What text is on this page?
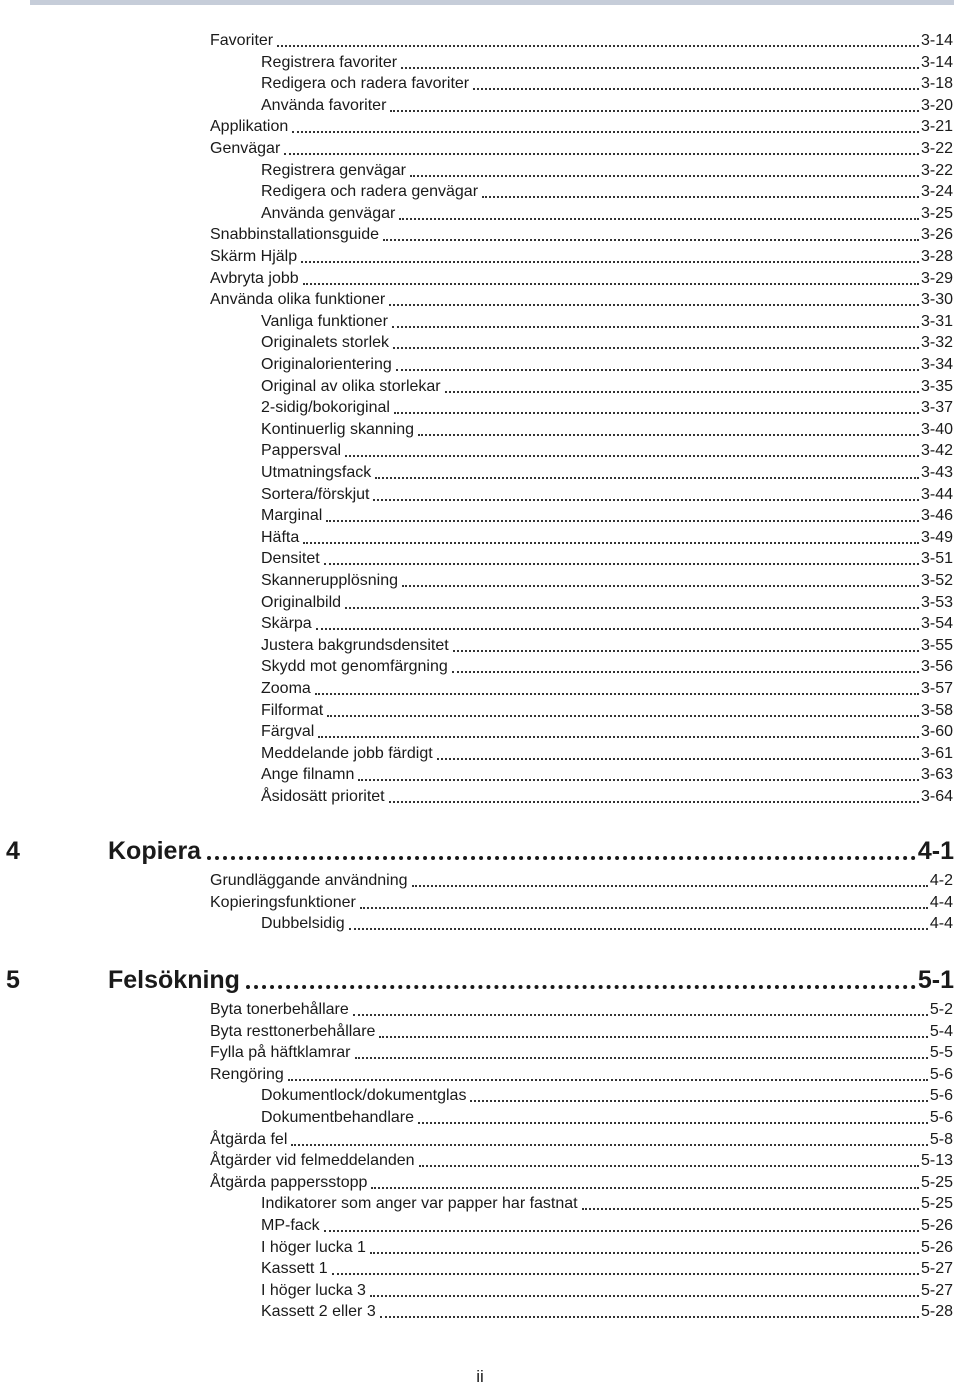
Favoriter	3-14
Registrera favoriter	3-14
Redigera och radera favoriter	3-18
Använda favoriter	3-20
Applikation	3-21
Genvägar	3-22
Registrera genvägar	3-22
Redigera och radera genvägar	3-24
Använda genvägar	3-25
Snabbinstallationsguide	3-26
Skärm Hjälp	3-28
Avbryta jobb	3-29
Använda olika funktioner	3-30
Vanliga funktioner	3-31
Originalets storlek	3-32
Originalorientering	3-34
Original av olika storlekar	3-35
2-sidig/bokoriginal	3-37
Kontinuerlig skanning	3-40
Pappersval	3-42
Utmatningsfack	3-43
Sortera/förskjut	3-44
Marginal	3-46
Häfta	3-49
Densitet	3-51
Skannerupplösning	3-52
Originalbild	3-53
Skärpa	3-54
Justera bakgrundsdensitet	3-55
Skydd mot genomfärgning	3-56
Zooma	3-57
Filformat	3-58
Färgval	3-60
Meddelande jobb färdigt	3-61
Ange filnamn	3-63
Åsidosätt prioritet	3-64
4	Kopiera	4-1
Grundläggande användning	4-2
Kopieringsfunktioner	4-4
Dubbelsidig	4-4
5	Felsökning	5-1
Byta tonerbehållare	5-2
Byta resttonerbehållare	5-4
Fylla på häftklamrar	5-5
Rengöring	5-6
Dokumentlock/dokumentglas	5-6
Dokumentbehandlare	5-6
Åtgärda fel	5-8
Åtgärder vid felmeddelanden	5-13
Åtgärda pappersstopp	5-25
Indikatorer som anger var papper har fastnat	5-25
MP-fack	5-26
I höger lucka 1	5-26
Kassett 1	5-27
I höger lucka 3	5-27
Kassett 2 eller 3	5-28
ii
